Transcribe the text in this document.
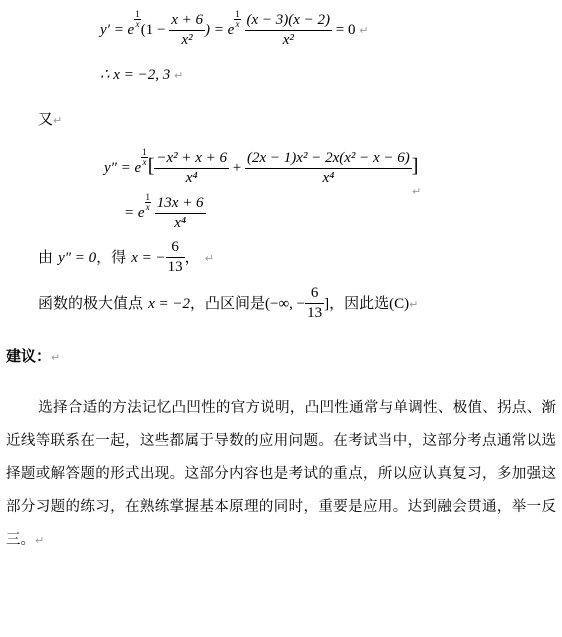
y′ = e
$\frac{1}{x}$
($1 - \frac{x + 6}{\text{x²}}$ ) = e
$\frac{1}{x}$
$\frac{(x - 3)(x - 2)}{\text{x²}} = 0$ ↵
∴ x = −2, 3 ↵
又↵
y″ = e
$\frac{1}{x}$ [ $\frac{\text{−x² + x + 6}}{\text{x⁴}} + \frac{\text{(2x − 1)x² − 2x(x² − x − 6)}}{\text{x⁴}}$ ]
↵
= e
$\frac{1}{x}$
$\frac{13x + 6}{\text{x⁴}}$
由 y″ = 0，得 x = − $\frac{6}{13}$ ， ↵
函数的极大值点 x = −2，凸区间是(−∞, − $\frac{6}{13}$ ]，因此选(C)↵
建议：↵
选择合适的方法记忆凸凹性的官方说明，凸凹性通常与单调性、极值、拐点、渐近线等联系在一起，这些都属于导数的应用问题。在考试当中，这部分考点通常以选择题或解答题的形式出现。这部分内容也是考试的重点，所以应认真复习，多加强这部分习题的练习，在熟练掌握基本原理的同时，重要是应用。达到融会贯通，举一反三。↵
